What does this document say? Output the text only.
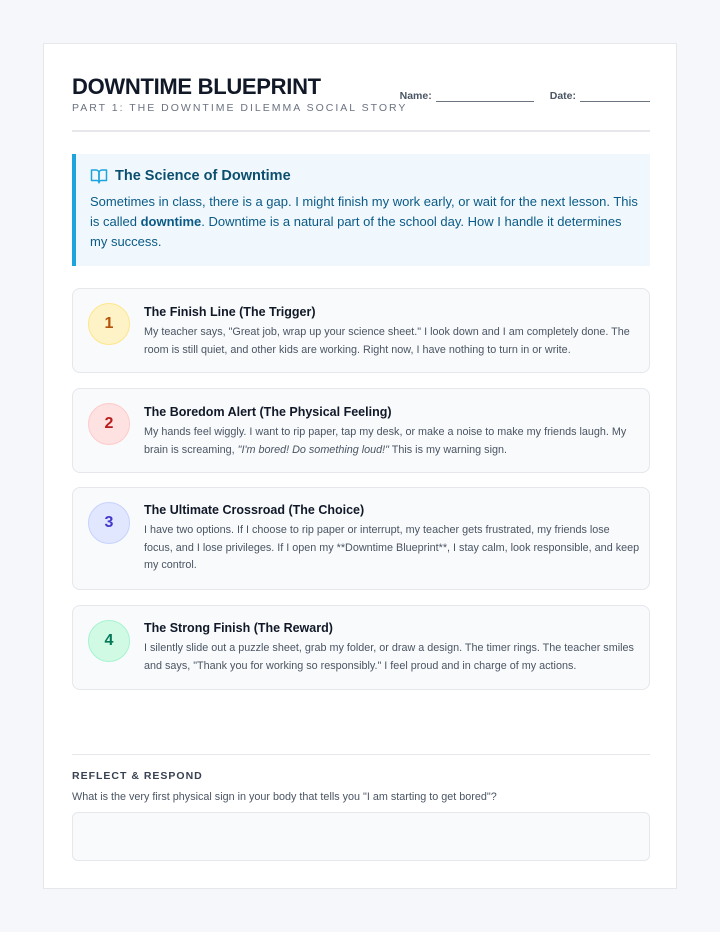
DOWNTIME BLUEPRINT
PART 1: THE DOWNTIME DILEMMA SOCIAL STORY
Name:	Date:
The Science of Downtime
Sometimes in class, there is a gap. I might finish my work early, or wait for the next lesson. This is called downtime. Downtime is a natural part of the school day. How I handle it determines my success.
1
The Finish Line (The Trigger)
My teacher says, "Great job, wrap up your science sheet." I look down and I am completely done. The room is still quiet, and other kids are working. Right now, I have nothing to turn in or write.
2
The Boredom Alert (The Physical Feeling)
My hands feel wiggly. I want to rip paper, tap my desk, or make a noise to make my friends laugh. My brain is screaming, "I'm bored! Do something loud!" This is my warning sign.
3
The Ultimate Crossroad (The Choice)
I have two options. If I choose to rip paper or interrupt, my teacher gets frustrated, my friends lose focus, and I lose privileges. If I open my **Downtime Blueprint**, I stay calm, look responsible, and keep my control.
4
The Strong Finish (The Reward)
I silently slide out a puzzle sheet, grab my folder, or draw a design. The timer rings. The teacher smiles and says, "Thank you for working so responsibly." I feel proud and in charge of my actions.
REFLECT & RESPOND
What is the very first physical sign in your body that tells you "I am starting to get bored"?
